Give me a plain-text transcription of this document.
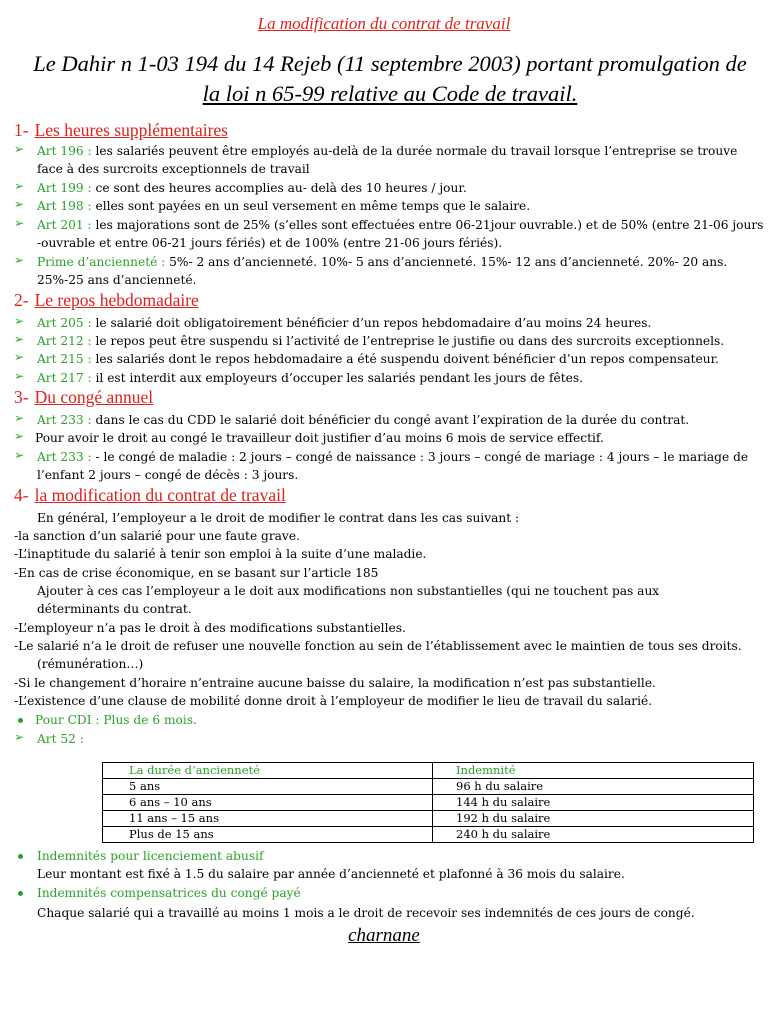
La modification du contrat de travail
Le Dahir n 1-03 194 du 14 Rejeb (11 septembre 2003) portant promulgation de
la loi n 65-99 relative au Code de travail.
1- Les heures supplémentaires
➢ Art 196 : les salariés peuvent être employés au-delà de la durée normale du travail lorsque l’entreprise se trouve
face à des surcroits exceptionnels de travail
➢ Art 199 : ce sont des heures accomplies au- delà des 10 heures / jour.
➢ Art 198 : elles sont payées en un seul versement en même temps que le salaire.
➢ Art 201 : les majorations sont de 25% (s’elles sont effectuées entre 06-21jour ouvrable.) et de 50% (entre 21-06 jours
-ouvrable et entre 06-21 jours fériés) et de 100% (entre 21-06 jours fériés).
➢ Prime d’ancienneté : 5%- 2 ans d’ancienneté. 10%- 5 ans d’ancienneté. 15%- 12 ans d’ancienneté. 20%- 20 ans.
25%-25 ans d’ancienneté.
2- Le repos hebdomadaire
➢ Art 205 : le salarié doit obligatoirement bénéficier d’un repos hebdomadaire d’au moins 24 heures.
➢ Art 212 : le repos peut être suspendu si l’activité de l’entreprise le justifie ou dans des surcroits exceptionnels.
➢ Art 215 : les salariés dont le repos hebdomadaire a été suspendu doivent bénéficier d’un repos compensateur.
➢ Art 217 : il est interdit aux employeurs d’occuper les salariés pendant les jours de fêtes.
3- Du congé annuel
➢ Art 233 : dans le cas du CDD le salarié doit bénéficier du congé avant l’expiration de la durée du contrat.
➢ Pour avoir le droit au congé le travailleur doit justifier d’au moins 6 mois de service effectif.
➢ Art 233 : - le congé de maladie : 2 jours – congé de naissance : 3 jours – congé de mariage : 4 jours – le mariage de
l’enfant 2 jours – congé de décès : 3 jours.
4- la modification du contrat de travail
En général, l’employeur a le droit de modifier le contrat dans les cas suivant :
-la sanction d’un salarié pour une faute grave.
-L’inaptitude du salarié à tenir son emploi à la suite d’une maladie.
-En cas de crise économique, en se basant sur l’article 185
Ajouter à ces cas l’employeur a le doit aux modifications non substantielles (qui ne touchent pas aux
déterminants du contrat.
-L’employeur n’a pas le droit à des modifications substantielles.
-Le salarié n’a le droit de refuser une nouvelle fonction au sein de l’établissement avec le maintien de tous ses droits.
(rémunération…)
-Si le changement d’horaire n’entraine aucune baisse du salaire, la modification n’est pas substantielle.
-L’existence d’une clause de mobilité donne droit à l’employeur de modifier le lieu de travail du salarié.
Pour CDI : Plus de 6 mois.
➢ Art 52 :
La durée d’ancienneté	Indemnité
5 ans	96 h du salaire
6 ans – 10 ans	144 h du salaire
11 ans – 15 ans	192 h du salaire
Plus de 15 ans	240 h du salaire
Indemnités pour licenciement abusif
Leur montant est fixé à 1.5 du salaire par année d’ancienneté et plafonné à 36 mois du salaire.
Indemnités compensatrices du congé payé
Chaque salarié qui a travaillé au moins 1 mois a le droit de recevoir ses indemnités de ces jours de congé.
charnane
